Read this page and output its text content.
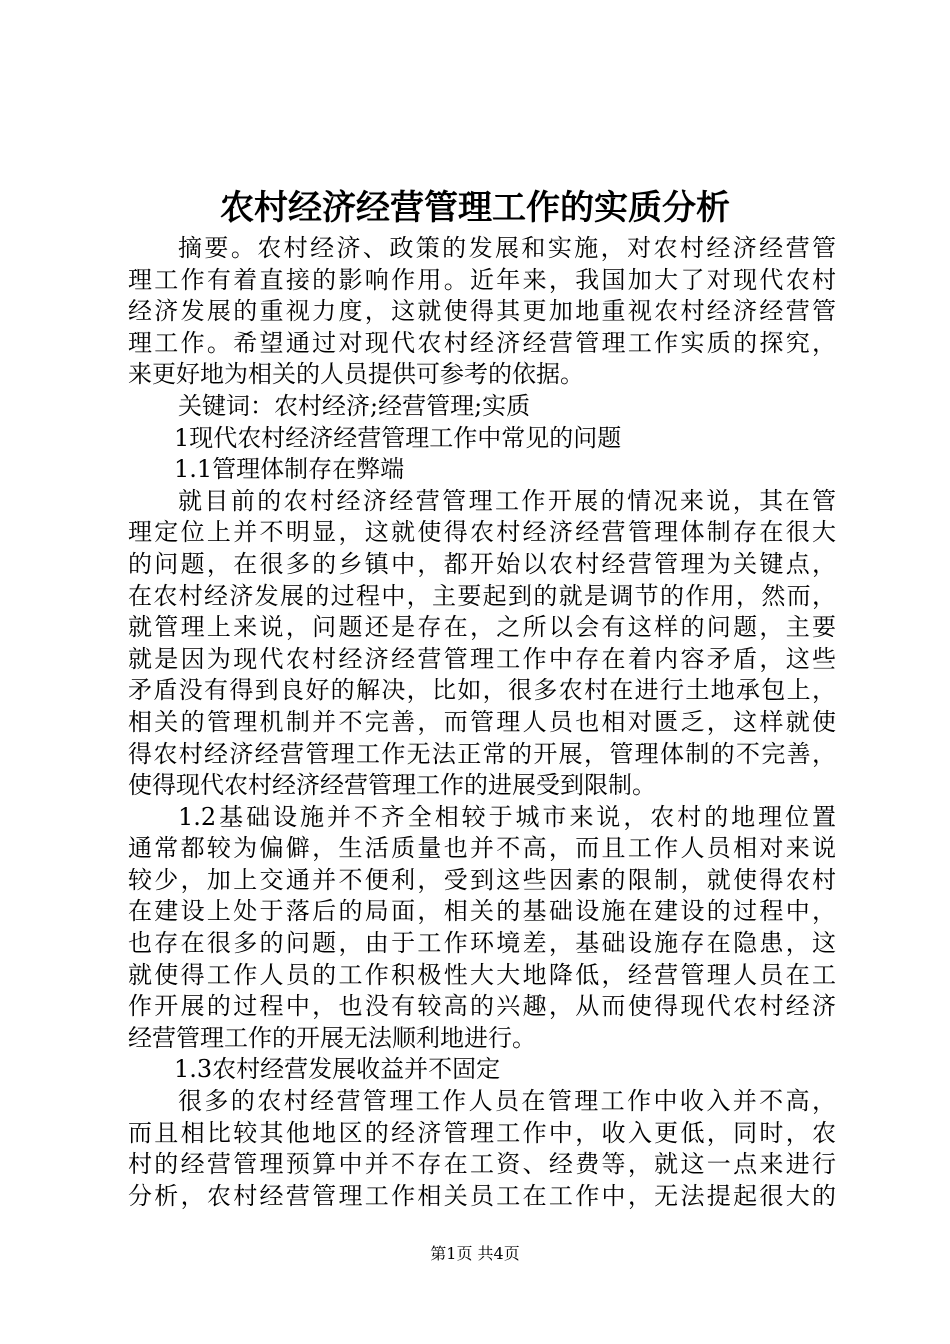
农村经济经营管理工作的实质分析
摘要。农村经济、政策的发展和实施，对农村经济经营管
理工作有着直接的影响作用。近年来，我国加大了对现代农村
经济发展的重视力度，这就使得其更加地重视农村经济经营管
理工作。希望通过对现代农村经济经营管理工作实质的探究，
来更好地为相关的人员提供可参考的依据。
关键词：农村经济;经营管理;实质
1现代农村经济经营管理工作中常见的问题
1.1管理体制存在弊端
就目前的农村经济经营管理工作开展的情况来说，其在管
理定位上并不明显，这就使得农村经济经营管理体制存在很大
的问题，在很多的乡镇中，都开始以农村经营管理为关键点，
在农村经济发展的过程中，主要起到的就是调节的作用，然而，
就管理上来说，问题还是存在，之所以会有这样的问题，主要
就是因为现代农村经济经营管理工作中存在着内容矛盾，这些
矛盾没有得到良好的解决，比如，很多农村在进行土地承包上，
相关的管理机制并不完善，而管理人员也相对匮乏，这样就使
得农村经济经营管理工作无法正常的开展，管理体制的不完善，
使得现代农村经济经营管理工作的进展受到限制。
1.2基础设施并不齐全相较于城市来说，农村的地理位置
通常都较为偏僻，生活质量也并不高，而且工作人员相对来说
较少，加上交通并不便利，受到这些因素的限制，就使得农村
在建设上处于落后的局面，相关的基础设施在建设的过程中，
也存在很多的问题，由于工作环境差，基础设施存在隐患，这
就使得工作人员的工作积极性大大地降低，经营管理人员在工
作开展的过程中，也没有较高的兴趣，从而使得现代农村经济
经营管理工作的开展无法顺利地进行。
1.3农村经营发展收益并不固定
很多的农村经营管理工作人员在管理工作中收入并不高，
而且相比较其他地区的经济管理工作中，收入更低，同时，农
村的经营管理预算中并不存在工资、经费等，就这一点来进行
分析，农村经营管理工作相关员工在工作中，无法提起很大的
第1页 共4页
